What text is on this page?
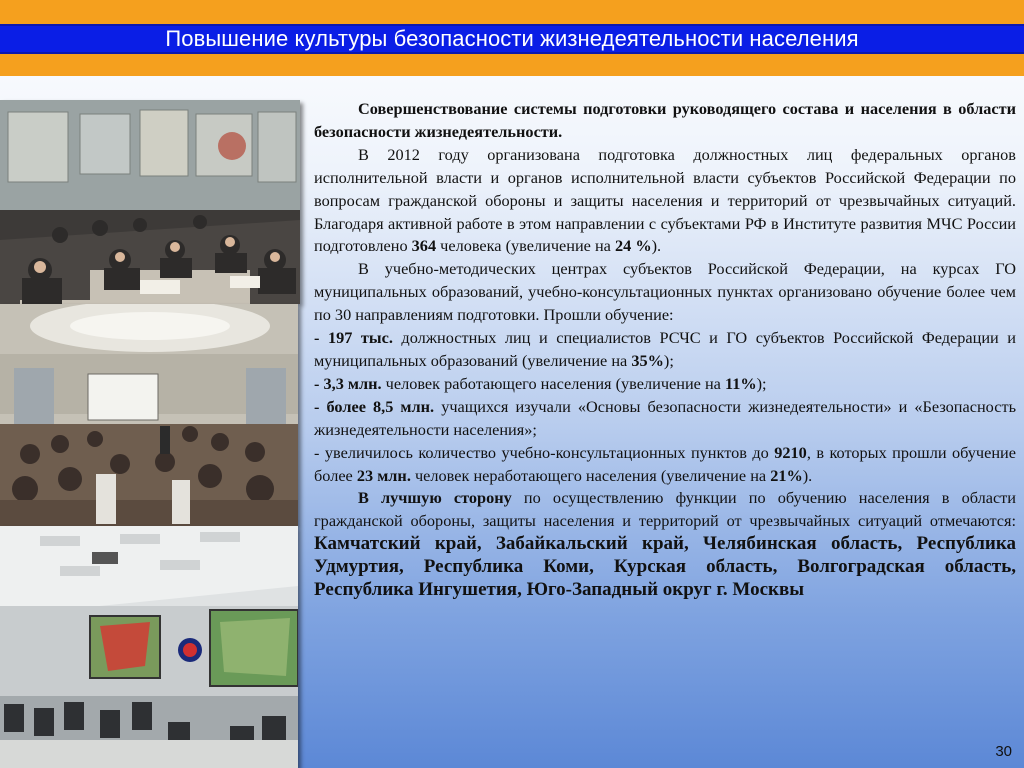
Повышение культуры безопасности жизнедеятельности населения

Совершенствование системы подготовки руководящего состава и населения в области безопасности жизнедеятельности.

В 2012 году организована подготовка должностных лиц федеральных органов исполнительной власти и органов исполнительной власти субъектов Российской Федерации по вопросам гражданской обороны и защиты населения и территорий от чрезвычайных ситуаций. Благодаря активной работе в этом направлении с субъектами РФ в Институте развития МЧС России подготовлено 364 человека (увеличение на 24 %).

В учебно-методических центрах субъектов Российской Федерации, на курсах ГО муниципальных образований, учебно-консультационных пунктах организовано обучение более чем по 30 направлениям подготовки. Прошли обучение:

- 197 тыс. должностных лиц и специалистов РСЧС и ГО субъектов Российской Федерации и муниципальных образований (увеличение на 35%);

- 3,3 млн. человек работающего населения (увеличение на 11%);

- более 8,5 млн. учащихся изучали «Основы безопасности жизнедеятельности» и «Безопасность жизнедеятельности населения»;

- увеличилось количество учебно-консультационных пунктов до 9210, в которых прошли обучение более 23 млн. человек неработающего населения (увеличение на 21%).

В лучшую сторону по осуществлению функции по обучению населения в области гражданской обороны, защиты населения и территорий от чрезвычайных ситуаций отмечаются: Камчатский край, Забайкальский край, Челябинская область, Республика Удмуртия, Республика Коми, Курская область, Волгоградская область, Республика Ингушетия, Юго-Западный округ г. Москвы

30
